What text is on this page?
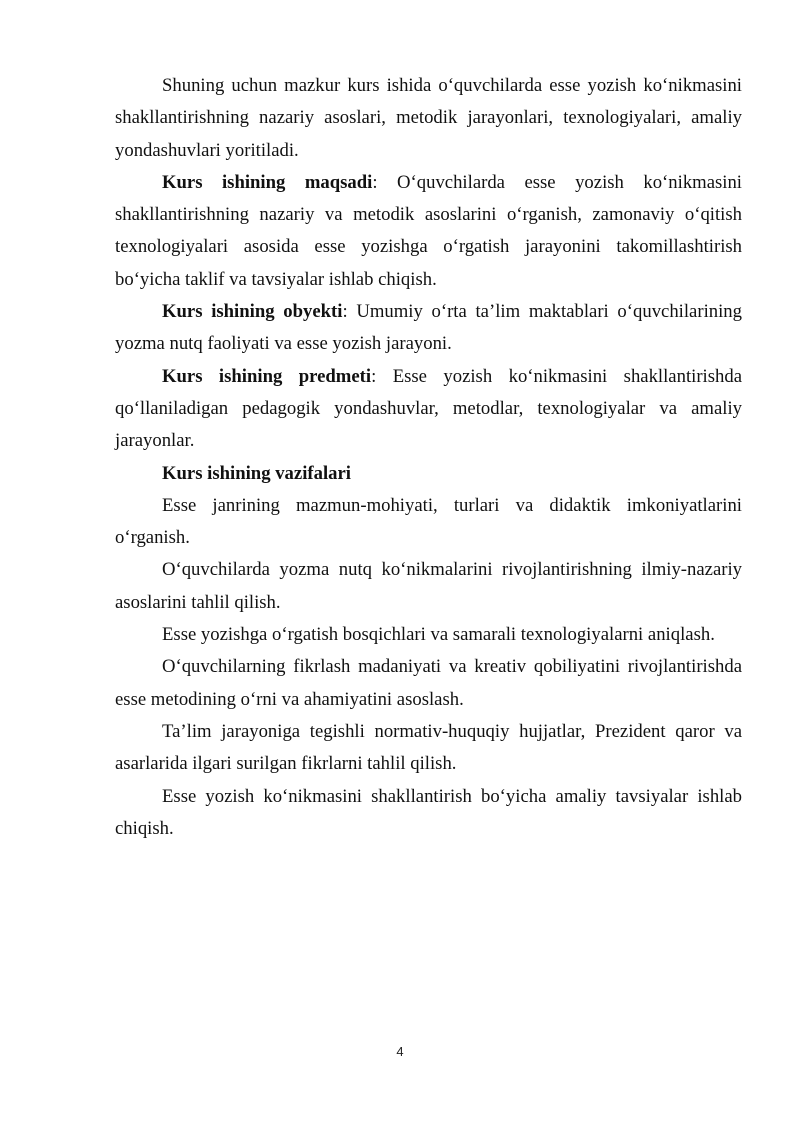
Shuning uchun mazkur kurs ishida o‘quvchilarda esse yozish ko‘nikmasini shakllantirishning nazariy asoslari, metodik jarayonlari, texnologiyalari, amaliy yondashuvlari yoritiladi.

Kurs ishining maqsadi: O‘quvchilarda esse yozish ko‘nikmasini shakllantirishning nazariy va metodik asoslarini o‘rganish, zamonaviy o‘qitish texnologiyalari asosida esse yozishga o‘rgatish jarayonini takomillashtirish bo‘yicha taklif va tavsiyalar ishlab chiqish.

Kurs ishining obyekti: Umumiy o‘rta ta’lim maktablari o‘quvchilarining yozma nutq faoliyati va esse yozish jarayoni.

Kurs ishining predmeti: Esse yozish ko‘nikmasini shakllantirishda qo‘llaniladigan pedagogik yondashuvlar, metodlar, texnologiyalar va amaliy jarayonlar.

Kurs ishining vazifalari

Esse janrining mazmun-mohiyati, turlari va didaktik imkoniyatlarini o‘rganish.

O‘quvchilarda yozma nutq ko‘nikmalarini rivojlantirishning ilmiy-nazariy asoslarini tahlil qilish.

Esse yozishga o‘rgatish bosqichlari va samarali texnologiyalarni aniqlash.

O‘quvchilarning fikrlash madaniyati va kreativ qobiliyatini rivojlantirishda esse metodining o‘rni va ahamiyatini asoslash.

Ta’lim jarayoniga tegishli normativ-huquqiy hujjatlar, Prezident qaror va asarlarida ilgari surilgan fikrlarni tahlil qilish.

Esse yozish ko‘nikmasini shakllantirish bo‘yicha amaliy tavsiyalar ishlab chiqish.

4
